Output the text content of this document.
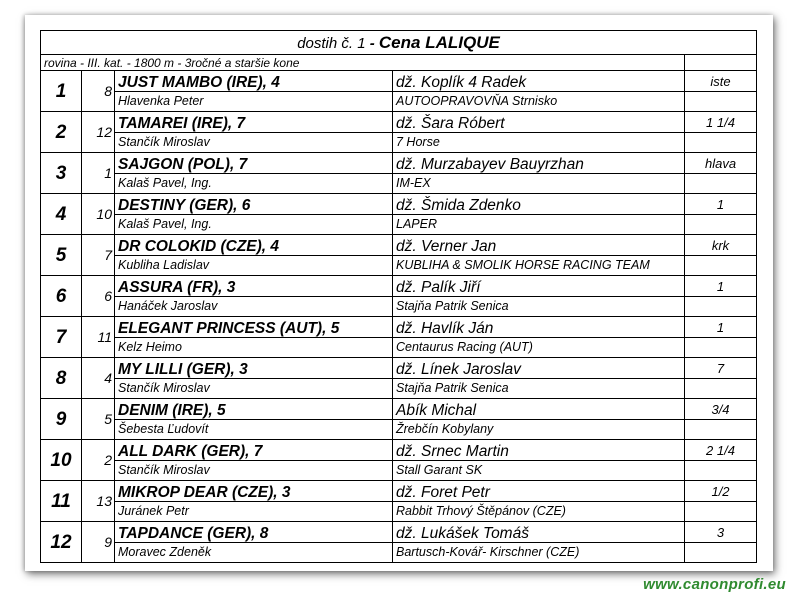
dostih č. 1 - Cena LALIQUE				
rovina - III. kat. - 1800 m - 3ročné a staršie kone				
1	8	JUST MAMBO (IRE), 4	dž. Koplík 4 Radek	iste
		Hlavenka Peter	AUTOOPRAVOVŇA Strnisko	
2	12	TAMAREI (IRE), 7	dž. Šara Róbert	1 1/4
		Stančík Miroslav	7 Horse	
3	1	SAJGON (POL), 7	dž. Murzabayev Bauyrzhan	hlava
		Kalaš Pavel, Ing.	IM-EX	
4	10	DESTINY (GER), 6	dž. Šmida Zdenko	1
		Kalaš Pavel, Ing.	LAPER	
5	7	DR COLOKID (CZE), 4	dž. Verner Jan	krk
		Kubliha Ladislav	KUBLIHA & SMOLIK HORSE RACING TEAM	
6	6	ASSURA (FR), 3	dž. Palík Jiří	1
		Hanáček Jaroslav	Stajňa Patrik Senica	
7	11	ELEGANT PRINCESS (AUT), 5	dž. Havlík Ján	1
		Kelz Heimo	Centaurus Racing (AUT)	
8	4	MY LILLI (GER), 3	dž. Línek Jaroslav	7
		Stančík Miroslav	Stajňa Patrik Senica	
9	5	DENIM (IRE), 5	Abík Michal	3/4
		Šebesta Ľudovít	Žrebčín Kobylany	
10	2	ALL DARK (GER), 7	dž. Srnec Martin	2 1/4
		Stančík Miroslav	Stall Garant SK	
11	13	MIKROP DEAR (CZE), 3	dž. Foret Petr	1/2
		Juránek Petr	Rabbit Trhový Štěpánov (CZE)	
12	9	TAPDANCE (GER), 8	dž. Lukášek Tomáš	3
		Moravec Zdeněk	Bartusch-Kovář- Kirschner (CZE)	
www.canonprofi.eu
